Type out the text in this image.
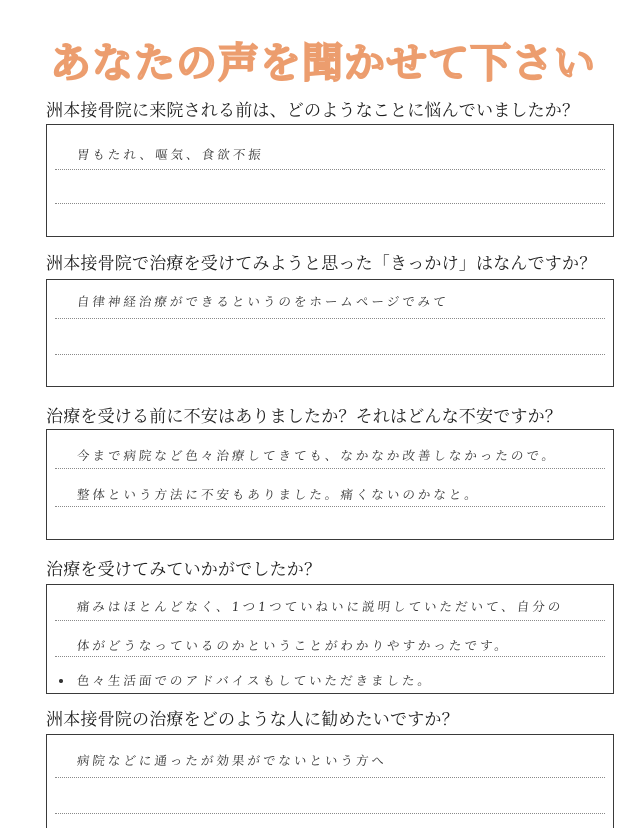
あなたの声を聞かせて下さい
洲本接骨院に来院される前は、どのようなことに悩んでいましたか？
胃もたれ、嘔気、食欲不振
洲本接骨院で治療を受けてみようと思った「きっかけ」はなんですか？
自律神経治療ができるというのをホームページでみて
治療を受ける前に不安はありましたか？それはどんな不安ですか？
今まで病院など色々治療してきても、なかなか改善しなかったので。
整体という方法に不安もありました。痛くないのかなと。
治療を受けてみていかがでしたか？
痛みはほとんどなく、1つ1つていねいに説明していただいて、自分の
体がどうなっているのかということがわかりやすかったです。
色々生活面でのアドバイスもしていただきました。
洲本接骨院の治療をどのような人に勧めたいですか？
病院などに通ったが効果がでないという方へ
